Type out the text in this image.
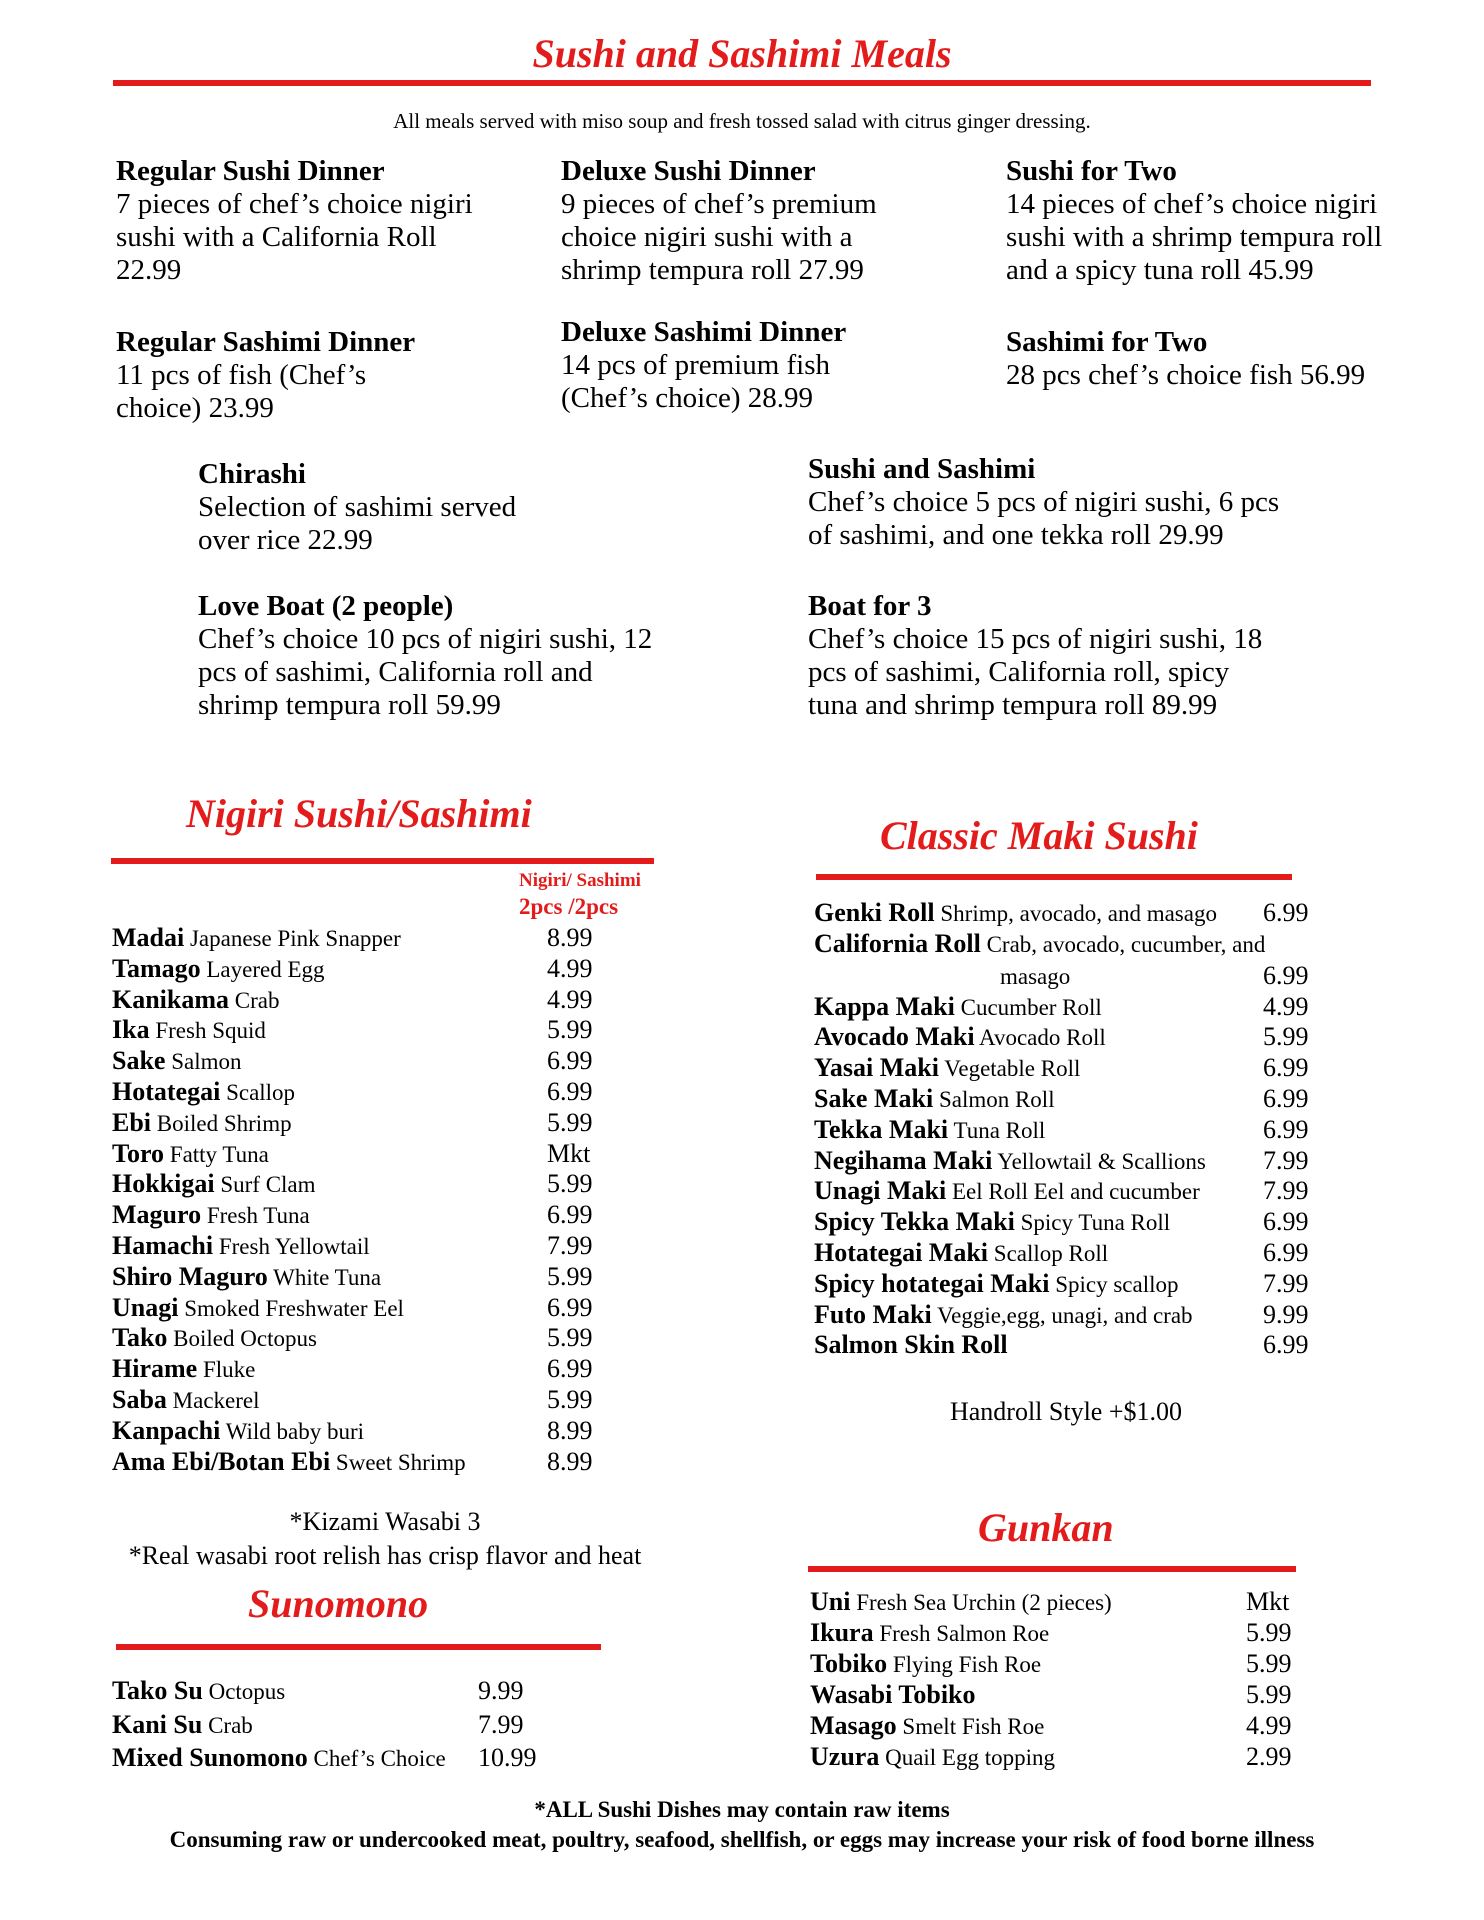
Sushi and Sashimi Meals
All meals served with miso soup and fresh tossed salad with citrus ginger dressing.
Regular Sushi Dinner
7 pieces of chef’s choice nigiri
sushi with a California Roll
22.99
Deluxe Sushi Dinner
9 pieces of chef’s premium
choice nigiri sushi with a
shrimp tempura roll 27.99
Sushi for Two
14 pieces of chef’s choice nigiri
sushi with a shrimp tempura roll
and a spicy tuna roll 45.99
Regular Sashimi Dinner
11 pcs of fish (Chef’s
choice) 23.99
Deluxe Sashimi Dinner
14 pcs of premium fish
(Chef’s choice) 28.99
Sashimi for Two
28 pcs chef’s choice fish 56.99
Chirashi
Selection of sashimi served
over rice 22.99
Sushi and Sashimi
Chef’s choice 5 pcs of nigiri sushi, 6 pcs
of sashimi, and one tekka roll 29.99
Love Boat (2 people)
Chef’s choice 10 pcs of nigiri sushi, 12
pcs of sashimi, California roll and
shrimp tempura roll 59.99
Boat for 3
Chef’s choice 15 pcs of nigiri sushi, 18
pcs of sashimi, California roll, spicy
tuna and shrimp tempura roll 89.99
Nigiri Sushi/Sashimi
Nigiri/ Sashimi
2pcs /2pcs
Madai Japanese Pink Snapper	8.99
Tamago Layered Egg	4.99
Kanikama Crab	4.99
Ika Fresh Squid	5.99
Sake Salmon	6.99
Hotategai Scallop	6.99
Ebi Boiled Shrimp	5.99
Toro Fatty Tuna	Mkt
Hokkigai Surf Clam	5.99
Maguro Fresh Tuna	6.99
Hamachi Fresh Yellowtail	7.99
Shiro Maguro White Tuna	5.99
Unagi Smoked Freshwater Eel	6.99
Tako Boiled Octopus	5.99
Hirame Fluke	6.99
Saba Mackerel	5.99
Kanpachi Wild baby buri	8.99
Ama Ebi/Botan Ebi Sweet Shrimp	8.99
*Kizami Wasabi 3
*Real wasabi root relish has crisp flavor and heat
Classic Maki Sushi
Genki Roll Shrimp, avocado, and masago 6.99
California Roll Crab, avocado, cucumber, and
masago	6.99
Kappa Maki Cucumber Roll	4.99
Avocado Maki Avocado Roll	5.99
Yasai Maki Vegetable Roll	6.99
Sake Maki Salmon Roll	6.99
Tekka Maki Tuna Roll	6.99
Negihama Maki Yellowtail & Scallions 7.99
Unagi Maki Eel Roll Eel and cucumber 7.99
Spicy Tekka Maki Spicy Tuna Roll	6.99
Hotategai Maki Scallop Roll	6.99
Spicy hotategai Maki Spicy scallop	7.99
Futo Maki Veggie,egg, unagi, and crab	9.99
Salmon Skin Roll	6.99
Handroll Style +$1.00
Sunomono
Tako Su Octopus	9.99
Kani Su Crab	7.99
Mixed Sunomono Chef’s Choice 10.99
Gunkan
Uni Fresh Sea Urchin (2 pieces)	Mkt
Ikura Fresh Salmon Roe	5.99
Tobiko Flying Fish Roe	5.99
Wasabi Tobiko	5.99
Masago Smelt Fish Roe	4.99
Uzura Quail Egg topping	2.99
*ALL Sushi Dishes may contain raw items
Consuming raw or undercooked meat, poultry, seafood, shellfish, or eggs may increase your risk of food borne illness
